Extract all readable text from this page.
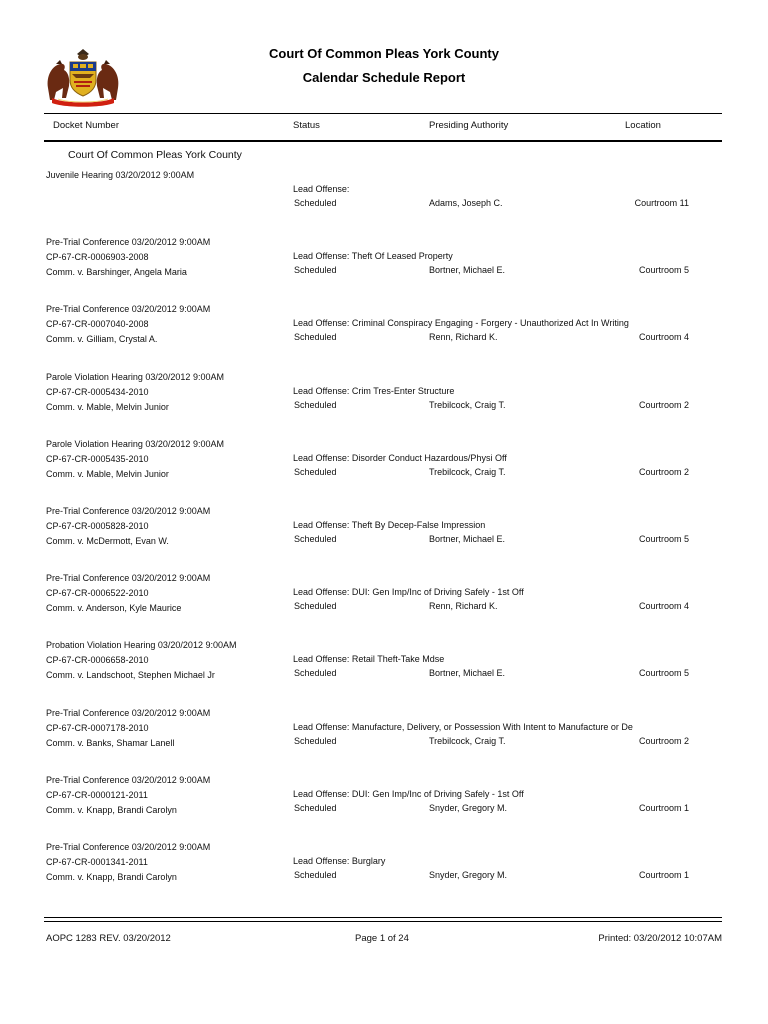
Court Of Common Pleas York County
Calendar Schedule Report
Docket Number	Status	Presiding Authority	Location
Court Of Common Pleas York County
Juvenile Hearing 03/20/2012 9:00AM
Lead Offense:
Scheduled	Adams, Joseph C.	Courtroom 11
Pre-Trial Conference 03/20/2012 9:00AM
CP-67-CR-0006903-2008
Comm. v. Barshinger, Angela Maria
Lead Offense: Theft Of Leased Property
Scheduled	Bortner, Michael E.	Courtroom 5
Pre-Trial Conference 03/20/2012 9:00AM
CP-67-CR-0007040-2008
Comm. v. Gilliam, Crystal A.
Lead Offense: Criminal Conspiracy Engaging - Forgery - Unauthorized Act In Writing
Scheduled	Renn, Richard K.	Courtroom 4
Parole Violation Hearing 03/20/2012 9:00AM
CP-67-CR-0005434-2010
Comm. v. Mable, Melvin Junior
Lead Offense: Crim Tres-Enter Structure
Scheduled	Trebilcock, Craig T.	Courtroom 2
Parole Violation Hearing 03/20/2012 9:00AM
CP-67-CR-0005435-2010
Comm. v. Mable, Melvin Junior
Lead Offense: Disorder Conduct Hazardous/Physi Off
Scheduled	Trebilcock, Craig T.	Courtroom 2
Pre-Trial Conference 03/20/2012 9:00AM
CP-67-CR-0005828-2010
Comm. v. McDermott, Evan W.
Lead Offense: Theft By Decep-False Impression
Scheduled	Bortner, Michael E.	Courtroom 5
Pre-Trial Conference 03/20/2012 9:00AM
CP-67-CR-0006522-2010
Comm. v. Anderson, Kyle Maurice
Lead Offense: DUI: Gen Imp/Inc of Driving Safely - 1st Off
Scheduled	Renn, Richard K.	Courtroom 4
Probation Violation Hearing 03/20/2012 9:00AM
CP-67-CR-0006658-2010
Comm. v. Landschoot, Stephen Michael Jr
Lead Offense: Retail Theft-Take Mdse
Scheduled	Bortner, Michael E.	Courtroom 5
Pre-Trial Conference 03/20/2012 9:00AM
CP-67-CR-0007178-2010
Comm. v. Banks, Shamar Lanell
Lead Offense: Manufacture, Delivery, or Possession With Intent to Manufacture or De
Scheduled	Trebilcock, Craig T.	Courtroom 2
Pre-Trial Conference 03/20/2012 9:00AM
CP-67-CR-0000121-2011
Comm. v. Knapp, Brandi Carolyn
Lead Offense: DUI: Gen Imp/Inc of Driving Safely - 1st Off
Scheduled	Snyder, Gregory M.	Courtroom 1
Pre-Trial Conference 03/20/2012 9:00AM
CP-67-CR-0001341-2011
Comm. v. Knapp, Brandi Carolyn
Lead Offense: Burglary
Scheduled	Snyder, Gregory M.	Courtroom 1
AOPC 1283 REV. 03/20/2012	Page 1 of 24	Printed: 03/20/2012 10:07AM
